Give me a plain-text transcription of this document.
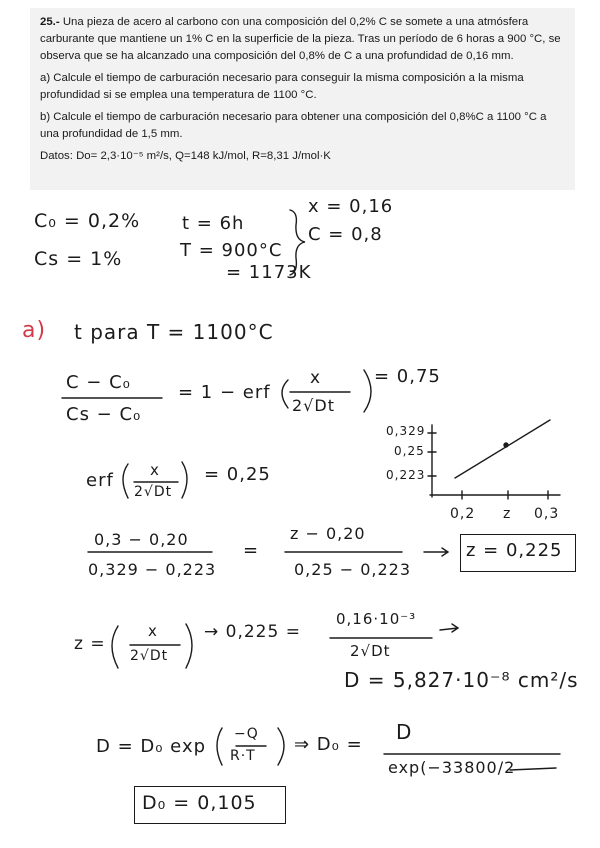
25.- Una pieza de acero al carbono con una composición del 0,2% C se somete a una atmósfera carburante que mantiene un 1% C en la superficie de la pieza. Tras un período de 6 horas a 900 °C, se observa que se ha alcanzado una composición del 0,8% de C a una profundidad de 0,16 mm.

a) Calcule el tiempo de carburación necesario para conseguir la misma composición a la misma profundidad si se emplea una temperatura de 1100 °C.

b) Calcule el tiempo de carburación necesario para obtener una composición del 0,8%C a 1100 °C a una profundidad de 1,5 mm.

Datos: Do= 2,3·10⁻⁵ m²/s, Q=148 kJ/mol, R=8,31 J/mol·K

C₀ = 0,2%
Cs = 1%
t = 6h
T = 900°C
= 1173K
x = 0,16
C = 0,8
a) t para T = 1100°C
C − C₀
Cs − C₀
= 1 − erf
x
2√Dt
= 0,75
erf x
2√Dt
= 0,25
0,329
0,25
0,223
0,2 z 0,3
0,3 − 0,20
0,329 − 0,223
=
z − 0,20
0,25 − 0,223
z = 0,225
z =
x
2√Dt
→ 0,225 =
0,16·10⁻³
2√Dt
D = 5,827·10⁻⁸ cm²/s
D = D₀ exp
−Q
R·T
⇒ D₀ =
D
exp(−33800/2
D₀ = 0,105
